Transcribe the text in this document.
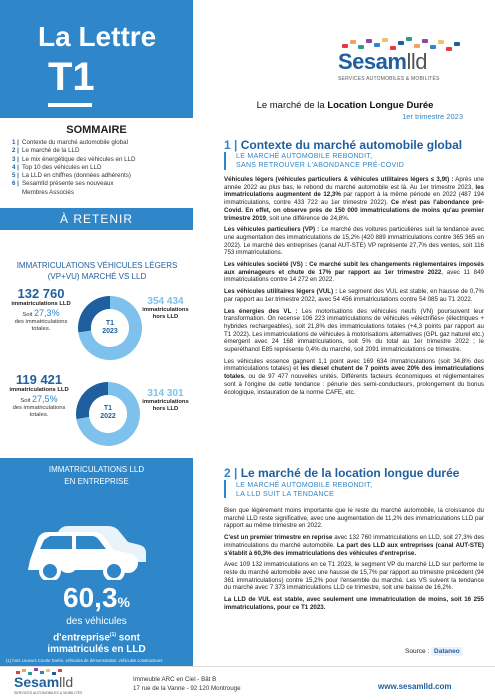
La Lettre
T1
SOMMAIRE
1 | Contexte du marché automobile global
2 | Le marché de la LLD
3 | Le mix énergétique des véhicules en LLD
4 | Top 10 des véhicules en LLD
5 | La LLD en chiffres (données adhérents)
6 | SesamlId présente ses nouveaux
Membres Associés
À RETENIR
IMMATRICULATIONS VÉHICULES LÉGERS (VP+VU) MARCHÉ VS LLD
132 760
immatriculations LLD
Soit 27,3%
des immatriculations totales.
T1
2023
354 434
immatriculations hors LLD
119 421
immatriculations LLD
Soit 27,5%
des immatriculations totales.
T1
2022
314 301
immatriculations hors LLD
IMMATRICULATIONS LLD
EN ENTREPRISE
60,3%
des véhicules
d'entreprise$^{(1)}$ sont
immatriculés en LLD
(1) hors Loueurs Courte Durée, véhicules de démonstration, véhicules constructeurs
Sesamlld
SERVICES AUTOMOBILES & MOBILITÉS
Le marché de la Location Longue Durée
1er trimestre 2023
1 | Contexte du marché automobile global
LE MARCHÉ AUTOMOBILE REBONDIT,
SANS RETROUVER L'ABONDANCE PRÉ-COVID

Véhicules légers (véhicules particuliers & véhicules utilitaires légers ≤ 3,9t) : Après une année 2022 au plus bas, le rebond du marché automobile est là. Au 1er trimestre 2023, les immatriculations augmentent de 12,3% par rapport à la même période en 2022 (487 194 immatriculations, contre 433 722 au 1er trimestre 2022). Ce n'est pas l'abondance pré-Covid. En effet, on observe près de 150 000 immatriculations de moins qu'au premier trimestre 2019, soit une différence de 24,8%.

Les véhicules particuliers (VP) : Le marché des voitures particulières suit la tendance avec une augmentation des immatriculations de 15,2% (420 889 immatriculations contre 365 365 en 2022). Le marché des entreprises (canal AUT-STE) VP représente 27,7% des ventes, soit 116 753 immatriculations.

Les véhicules société (VS) : Ce marché subit les changements réglementaires imposés aux aménageurs et chute de 17% par rapport au 1er trimestre 2022, avec 11 849 immatriculations contre 14 272 en 2022.

Les véhicules utilitaires légers (VUL) : Le segment des VUL est stable, en hausse de 0,7% par rapport au 1er trimestre 2022, avec 54 456 immatriculations contre 54 085 au T1 2022.

Les énergies des VL : Les motorisations des véhicules neufs (VN) poursuivent leur transformation. On recense 106 223 immatriculations de véhicules «électrifiés» (électriques + hybrides rechargeables), soit 21,8% des immatriculations totales (+4,3 points par rapport au T1 2022). Les immatriculations de véhicules à motorisations alternatives (GPL gaz naturel etc.) émergent avec 24 168 immatriculations, soit 5% du total au 1er trimestre 2022 ; le superéthanol E85 représente 0,4% du marché, soit 2091 immatriculations ce trimestre.

Les véhicules essence gagnent 1,1 point avec 169 634 immatriculations (soit 34,8% des immatriculations totales) et les diesel chutent de 7 points avec 20% des immatriculations totales, ou de 97 477 nouvelles unités. Différents facteurs économiques et réglementaires sont à l'origine de cette tendance : pénurie des semi-conducteurs, prolongement du bonus écologique, instauration de la norme CAFE, etc.

2 | Le marché de la location longue durée
LE MARCHÉ AUTOMOBILE REBONDIT,
LA LLD SUIT LA TENDANCE

Bien que légèrement moins importante que le reste du marché automobile, la croissance du marché LLD reste significative, avec une augmentation de 11,2% des immatriculations LLD par rapport au même trimestre en 2022.

C'est un premier trimestre en reprise avec 132 760 immatriculations en LLD, soit 27,3% des immatriculations du marché automobile. La part des LLD aux entreprises (canal AUT-STE) s'établit à 60,3% des immatriculations des véhicules d'entreprise.

Avec 109 132 immatriculations en ce T1 2023, le segment VP du marché LLD sur performe le reste du marché automobile avec une hausse de 15,7% par rapport au trimestre précédent (94 361 immatriculations) contre 15,2% pour l'ensemble du marché. Les VS suivent la tendance du marché avec 7 373 immatriculations LLD ce trimestre, soit une baisse de 16,2%.

La LLD de VUL est stable, avec seulement une immatriculation de moins, soit 16 255 immatriculations, pour ce T1 2023.

Source : Dataneo
Sesamlld
SERVICES AUTOMOBILES & MOBILITÉS
Immeuble ARC en Ciel - Bât B
17 rue de la Vanne - 92 120 Montrouge	www.sesamlld.com
